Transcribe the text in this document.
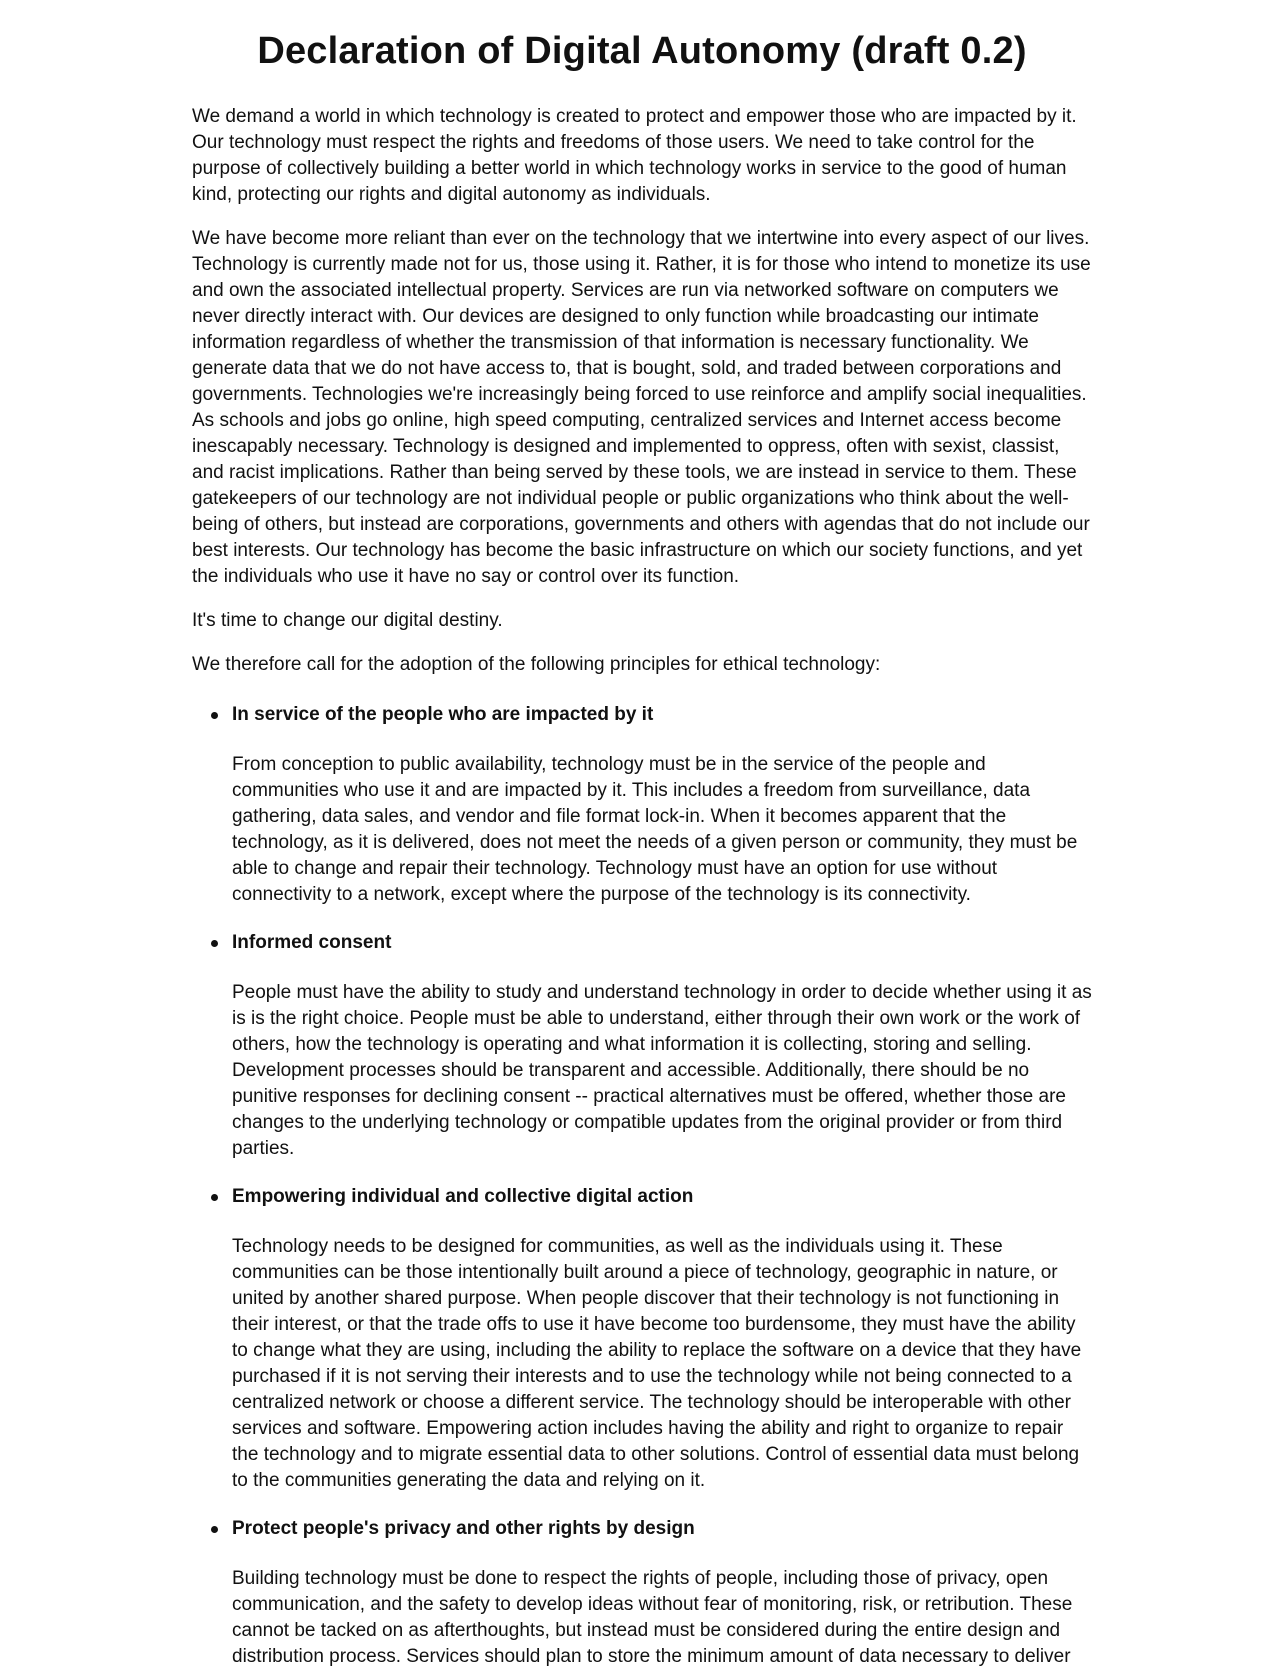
Declaration of Digital Autonomy (draft 0.2)

We demand a world in which technology is created to protect and empower those who are impacted by it. Our technology must respect the rights and freedoms of those users. We need to take control for the purpose of collectively building a better world in which technology works in service to the good of human kind, protecting our rights and digital autonomy as individuals.

We have become more reliant than ever on the technology that we intertwine into every aspect of our lives. Technology is currently made not for us, those using it. Rather, it is for those who intend to monetize its use and own the associated intellectual property. Services are run via networked software on computers we never directly interact with. Our devices are designed to only function while broadcasting our intimate information regardless of whether the transmission of that information is necessary functionality. We generate data that we do not have access to, that is bought, sold, and traded between corporations and governments. Technologies we're increasingly being forced to use reinforce and amplify social inequalities. As schools and jobs go online, high speed computing, centralized services and Internet access become inescapably necessary. Technology is designed and implemented to oppress, often with sexist, classist, and racist implications. Rather than being served by these tools, we are instead in service to them. These gatekeepers of our technology are not individual people or public organizations who think about the well-being of others, but instead are corporations, governments and others with agendas that do not include our best interests. Our technology has become the basic infrastructure on which our society functions, and yet the individuals who use it have no say or control over its function.

It's time to change our digital destiny.

We therefore call for the adoption of the following principles for ethical technology:

In service of the people who are impacted by it

From conception to public availability, technology must be in the service of the people and communities who use it and are impacted by it. This includes a freedom from surveillance, data gathering, data sales, and vendor and file format lock-in. When it becomes apparent that the technology, as it is delivered, does not meet the needs of a given person or community, they must be able to change and repair their technology. Technology must have an option for use without connectivity to a network, except where the purpose of the technology is its connectivity.

Informed consent

People must have the ability to study and understand technology in order to decide whether using it as is is the right choice. People must be able to understand, either through their own work or the work of others, how the technology is operating and what information it is collecting, storing and selling. Development processes should be transparent and accessible. Additionally, there should be no punitive responses for declining consent -- practical alternatives must be offered, whether those are changes to the underlying technology or compatible updates from the original provider or from third parties.

Empowering individual and collective digital action

Technology needs to be designed for communities, as well as the individuals using it. These communities can be those intentionally built around a piece of technology, geographic in nature, or united by another shared purpose. When people discover that their technology is not functioning in their interest, or that the trade offs to use it have become too burdensome, they must have the ability to change what they are using, including the ability to replace the software on a device that they have purchased if it is not serving their interests and to use the technology while not being connected to a centralized network or choose a different service. The technology should be interoperable with other services and software. Empowering action includes having the ability and right to organize to repair the technology and to migrate essential data to other solutions. Control of essential data must belong to the communities generating the data and relying on it.

Protect people's privacy and other rights by design

Building technology must be done to respect the rights of people, including those of privacy, open communication, and the safety to develop ideas without fear of monitoring, risk, or retribution. These cannot be tacked on as afterthoughts, but instead must be considered during the entire design and distribution process. Services should plan to store the minimum amount of data necessary to deliver
